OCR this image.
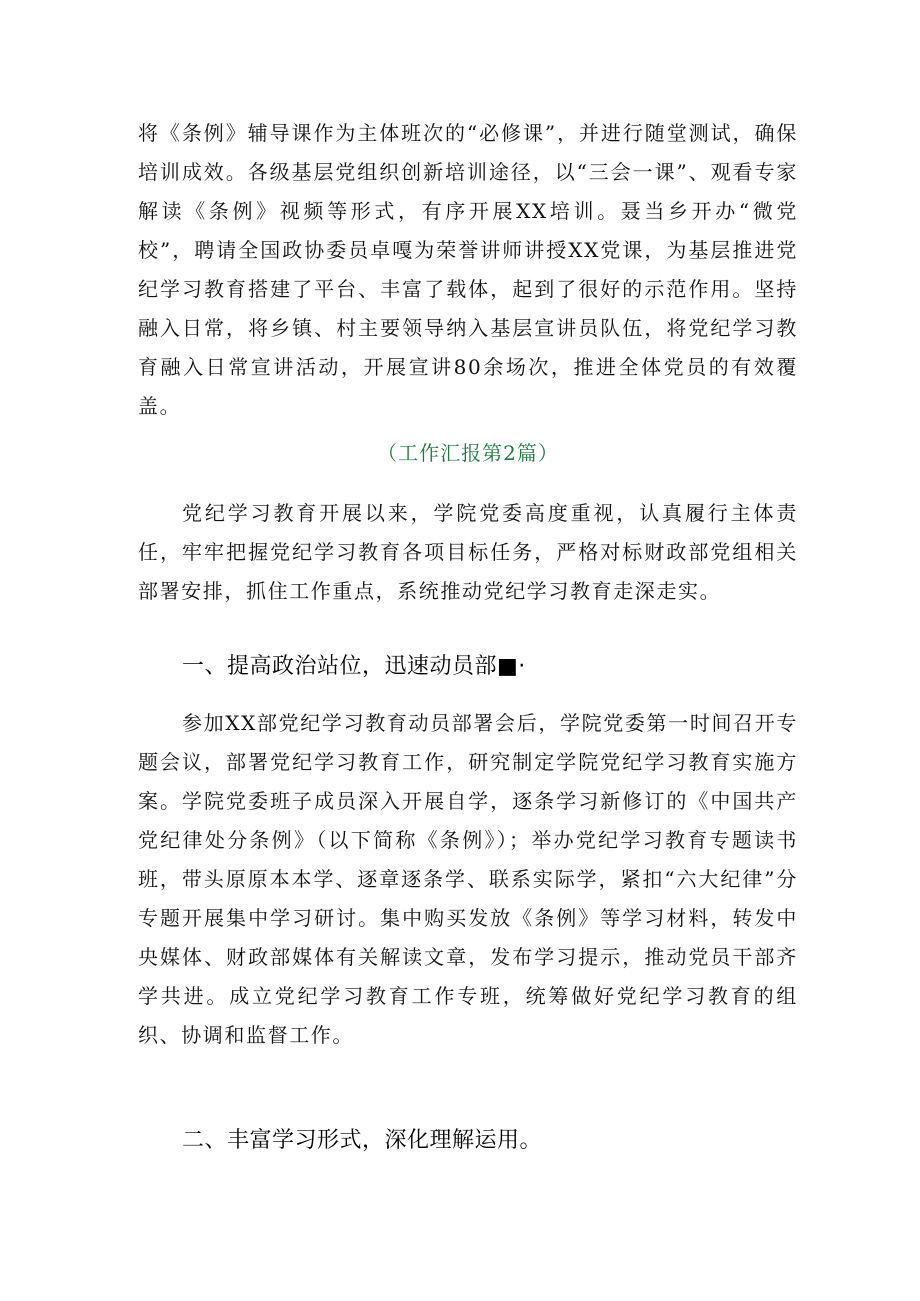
将《条例》辅导课作为主体班次的“必修课”，并进行随堂测试，确保培训成效。各级基层党组织创新培训途径，以“三会一课”、观看专家解读《条例》视频等形式，有序开展XX培训。聂当乡开办“微党校”，聘请全国政协委员卓嘎为荣誉讲师讲授XX党课，为基层推进党纪学习教育搭建了平台、丰富了载体，起到了很好的示范作用。坚持融入日常，将乡镇、村主要领导纳入基层宣讲员队伍，将党纪学习教育融入日常宣讲活动，开展宣讲80余场次，推进全体党员的有效覆盖。

（工作汇报第2篇）

党纪学习教育开展以来，学院党委高度重视，认真履行主体责任，牢牢把握党纪学习教育各项目标任务，严格对标财政部党组相关部署安排，抓住工作重点，系统推动党纪学习教育走深走实。

一、提高政治站位，迅速动员部■·

参加XX部党纪学习教育动员部署会后，学院党委第一时间召开专题会议，部署党纪学习教育工作，研究制定学院党纪学习教育实施方案。学院党委班子成员深入开展自学，逐条学习新修订的《中国共产党纪律处分条例》（以下简称《条例》）；举办党纪学习教育专题读书班，带头原原本本学、逐章逐条学、联系实际学，紧扣“六大纪律”分专题开展集中学习研讨。集中购买发放《条例》等学习材料，转发中央媒体、财政部媒体有关解读文章，发布学习提示，推动党员干部齐学共进。成立党纪学习教育工作专班，统筹做好党纪学习教育的组织、协调和监督工作。

二、丰富学习形式，深化理解运用。
